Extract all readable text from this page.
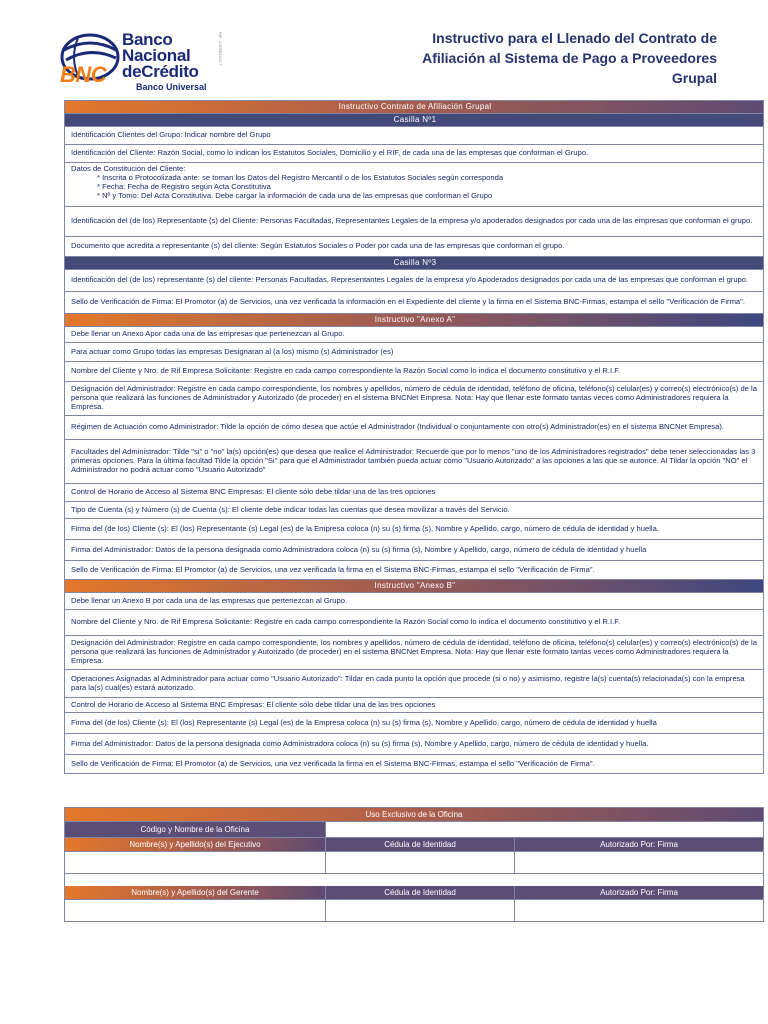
Banco
Nacional
deCrédito
BNC	Banco Universal
RIF: J-30984132-7	Instructivo para el Llenado del Contrato de
Afiliación al Sistema de Pago a Proveedores
Grupal
Instructivo Contrato de Afiliación Grupal
Casilla Nº1
Identificación Clientes del Grupo: Indicar nombre del Grupo
Identificación del Cliente: Razón Social, como lo indican los Estatutos Sociales, Domicilio y el RIF, de cada una de las empresas que conforman el Grupo.
Datos de Constitución del Cliente:
* Inscrita o Protocolizada ante: se toman los Datos del Registro Mercantil o de los Estatutos Sociales según corresponda
* Fecha: Fecha de Registro según Acta Constitutiva
* Nº y Tomo: Del Acta Constitutiva. Debe cargar la información de cada una de las empresas que conforman el Grupo
Identificación del (de los) Representante (s) del Cliente: Personas Facultadas, Representantes Legales de la empresa y/o apoderados designados por cada una de las empresas que conforman el grupo.
Documento que acredita a representante (s) del cliente: Según Estatutos Sociales o Poder por cada una de las empresas que conforman el grupo.
Casilla Nº3
Identificación del (de los) representante (s) del cliente: Personas Facultadas, Representantes Legales de la empresa y/o Apoderados designados por cada una de las empresas que conforman el grupo.
Sello de Verificación de Firma: El Promotor (a) de Servicios, una vez verificada la información en el Expediente del cliente y la firma en el Sistema BNC-Firmas, estampa el sello "Verificación de Firma".
Instructivo "Anexo A"
Debe llenar un Anexo Apor cada una de las empresas que pertenezcan al Grupo.
Para actuar como Grupo todas las empresas Designaran al (a los) mismo (s) Administrador (es)
Nombre del Cliente y Nro. de Rif Empresa Solicitante: Registre en cada campo correspondiente la Razón Social como lo indica el documento constitutivo y el R.I.F.
Designación del Administrador: Registre en cada campo correspondiente, los nombres y apellidos, número de cédula de identidad, teléfono de oficina, teléfono(s) celular(es) y correo(s) electrónico(s) de la persona que realizará las funciones de Administrador y Autorizado (de proceder) en el sistema BNCNet Empresa. Nota: Hay que llenar este formato tantas veces como Administradores requiera la Empresa.
Régimen de Actuación como Administrador: Tilde la opción de cómo desea que actúe el Administrador (Individual o conjuntamente con otro(s) Administrador(es) en el sistema BNCNet Empresa).
Facultades del Administrador: Tilde "si" o "no" la(s) opción(es) que desea que realice el Administrador. Recuerde que por lo menos "uno de los Administradores registrados" debe tener seleccionadas las 3 primeras opciones. Para la última facultad Tilde la opción "Si" para que el Administrador también pueda actuar como "Usuario Autorizado" a las opciones a las que se autorice. Al Tildar la opción "NO" el Administrador no podrá actuar como "Usuario Autorizado"
Control de Horario de Acceso al Sistema BNC Empresas: El cliente sólo debe tildar una de las tres opciones
Tipo de Cuenta (s) y Número (s) de Cuenta (s): El cliente debe indicar todas las cuentas que desea movilizar a través del Servicio.
Firma del (de los) Cliente (s): El (los) Representante (s) Legal (es) de la Empresa coloca (n) su (s) firma (s), Nombre y Apellido, cargo, número de cédula de identidad y huella.
Firma del Administrador: Datos de la persona designada como Administradora coloca (n) su (s) firma (s), Nombre y Apellido, cargo, número de cédula de identidad y huella
Sello de Verificación de Firma: El Promotor (a) de Servicios, una vez verificada la firma en el Sistema BNC-Firmas, estampa el sello "Verificación de Firma".
Instructivo "Anexo B"
Debe llenar un Anexo B por cada una de las empresas que pertenezcan al Grupo.
Nombre del Cliente y Nro. de Rif Empresa Solicitante: Registre en cada campo correspondiente la Razón Social como lo indica el documento constitutivo y el R.I.F.
Designación del Administrador: Registre en cada campo correspondiente, los nombres y apellidos, número de cédula de identidad, teléfono de oficina, teléfono(s) celular(es) y correo(s) electrónico(s) de la persona que realizará las funciones de Administrador y Autorizado (de proceder) en el sistema BNCNet Empresa. Nota: Hay que llenar este formato tantas veces como Administradores requiera la Empresa.
Operaciones Asignadas al Administrador para actuar como "Usuario Autorizado": Tildar en cada punto la opción que procede (si o no) y asimismo, registre la(s) cuenta(s) relacionada(s) con la empresa para la(s) cual(es) estará autorizado.
Control de Horario de Acceso al Sistema BNC Empresas: El cliente sólo debe tildar una de las tres opciones
Firma del (de los) Cliente (s): El (los) Representante (s) Legal (es) de la Empresa coloca (n) su (s) firma (s), Nombre y Apellido, cargo, número de cédula de identidad y huella
Firma del Administrador: Datos de la persona designada como Administradora coloca (n) su (s) firma (s), Nombre y Apellido, cargo, número de cédula de identidad y huella.
Sello de Verificación de Firma: El Promotor (a) de Servicios, una vez verificada la firma en el Sistema BNC-Firmas, estampa el sello "Verificación de Firma".
Uso Exclusivo de la Oficina
Código y Nombre de la Oficina
Nombre(s) y Apellido(s) del Ejecutivo	Cédula de Identidad	Autorizado Por: Firma
Nombre(s) y Apellido(s) del Gerente	Cédula de Identidad	Autorizado Por: Firma
